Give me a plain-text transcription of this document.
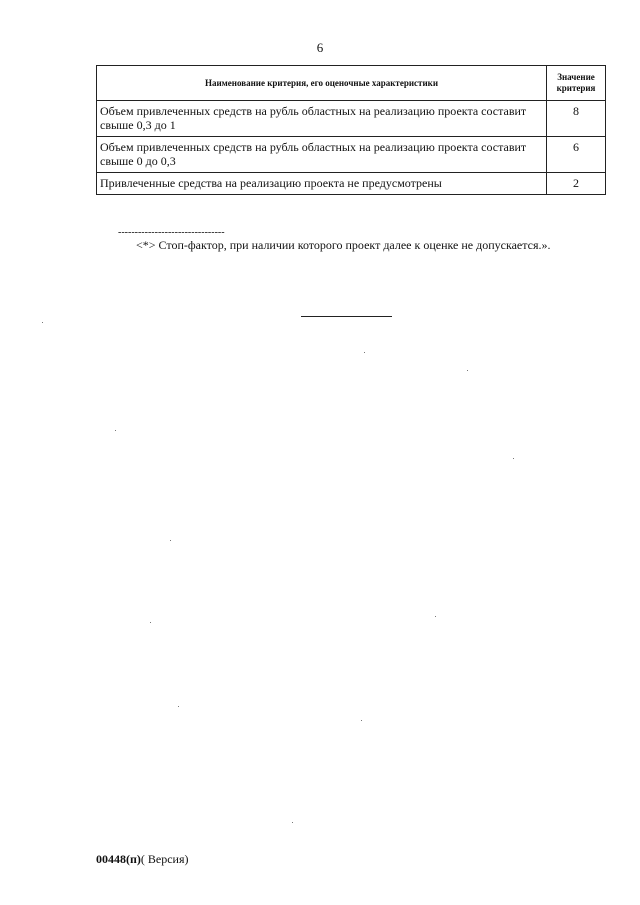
6
Наименование критерия, его оценочные характеристики	Значение критерия
Объем привлеченных средств на рубль областных на реализацию проекта составит свыше 0,3 до 1	8
Объем привлеченных средств на рубль областных на реализацию проекта составит свыше 0 до 0,3	6
Привлеченные средства на реализацию проекта не предусмотрены	2
--------------------------------
<*> Стоп-фактор, при наличии которого проект далее к оценке не допускается.».
00448(п)( Версия)
